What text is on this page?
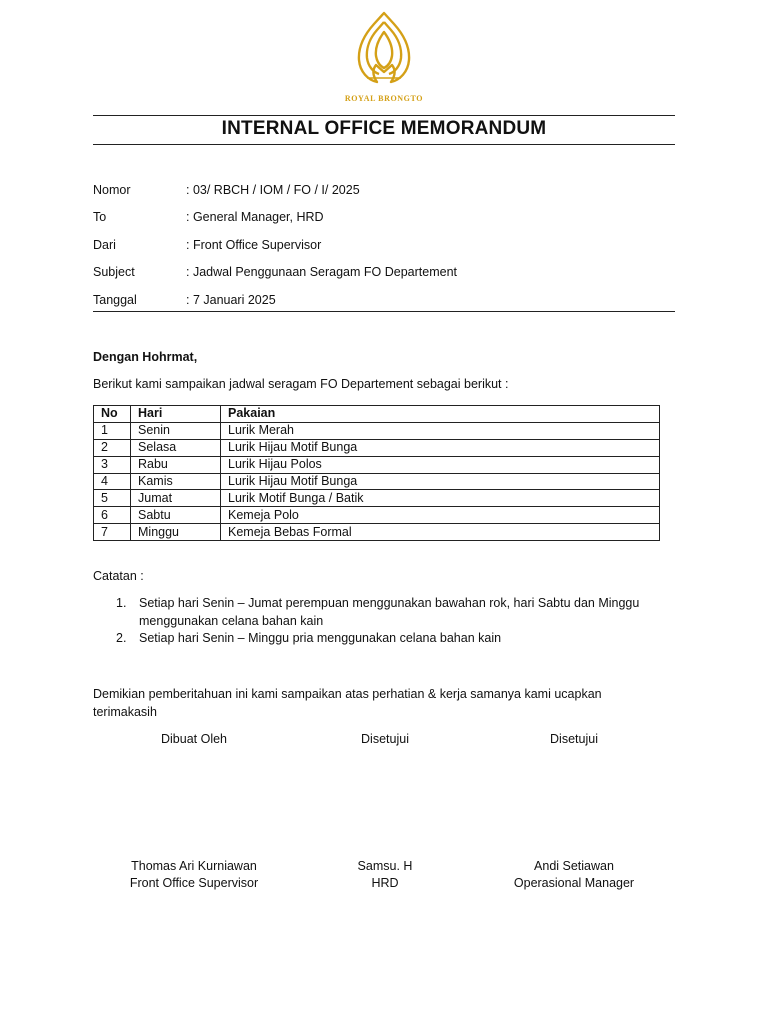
ROYAL BRONGTO
INTERNAL OFFICE MEMORANDUM
Nomor	: 03/ RBCH / IOM / FO / I/ 2025
To	: General Manager, HRD
Dari	: Front Office Supervisor
Subject	: Jadwal Penggunaan Seragam FO Departement
Tanggal	: 7 Januari 2025
Dengan Hohrmat,
Berikut kami sampaikan jadwal seragam FO Departement sebagai berikut :
No	Hari	Pakaian
1	Senin	Lurik Merah
2	Selasa	Lurik Hijau Motif Bunga
3	Rabu	Lurik Hijau Polos
4	Kamis	Lurik Hijau Motif Bunga
5	Jumat	Lurik Motif Bunga / Batik
6	Sabtu	Kemeja Polo
7	Minggu	Kemeja Bebas Formal
Catatan :
1. Setiap hari Senin – Jumat perempuan menggunakan bawahan rok, hari Sabtu dan Minggu
menggunakan celana bahan kain
2. Setiap hari Senin – Minggu pria menggunakan celana bahan kain
Demikian pemberitahuan ini kami sampaikan atas perhatian & kerja samanya kami ucapkan
terimakasih
Dibuat Oleh	Disetujui	Disetujui
Thomas Ari Kurniawan
Front Office Supervisor
Samsu. H
HRD
Andi Setiawan
Operasional Manager
